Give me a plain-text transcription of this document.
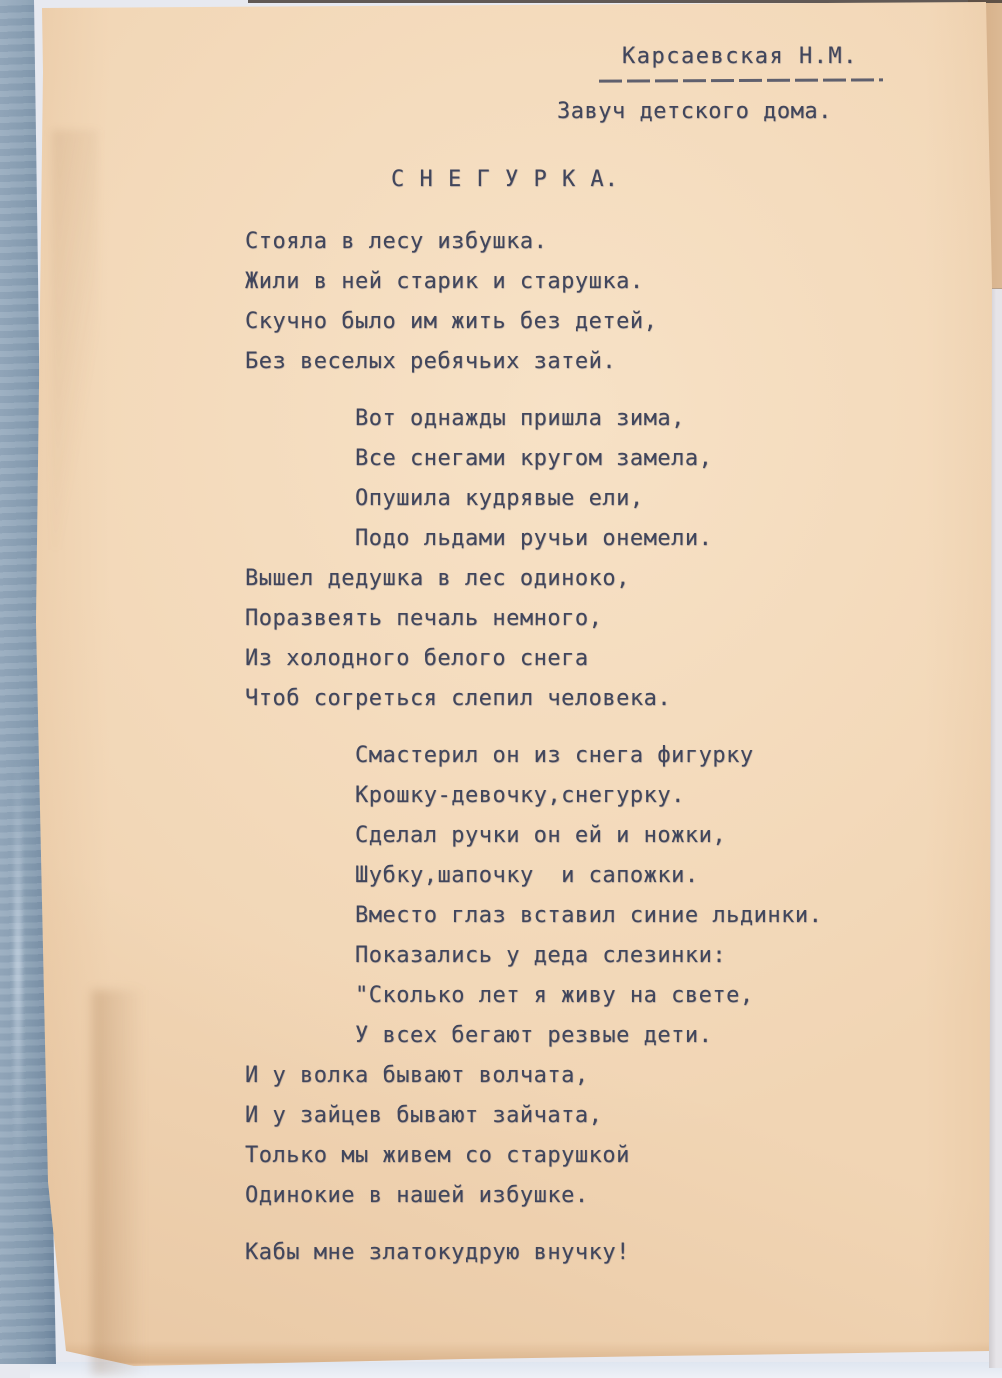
Карсаевская Н.М.
Завуч детского дома.
С Н Е Г У Р К А.
Стояла в лесу избушка.
Жили в ней старик и старушка.
Скучно было им жить без детей,
Без веселых ребячьих затей.
Вот однажды пришла зима,
Все снегами кругом замела,
Опушила кудрявые ели,
Подо льдами ручьи онемели.
Вышел дедушка в лес одиноко,
Поразвеять печаль немного,
Из холодного белого снега
Чтоб согреться слепил человека.
Смастерил он из снега фигурку
Крошку-девочку,снегурку.
Сделал ручки он ей и ножки,
Шубку,шапочку  и сапожки.
Вместо глаз вставил синие льдинки.
Показались у деда слезинки:
"Сколько лет я живу на свете,
У всех бегают резвые дети.
И у волка бывают волчата,
И у зайцев бывают зайчата,
Только мы живем со старушкой
Одинокие в нашей избушке.
Кабы мне златокудрую внучку!
